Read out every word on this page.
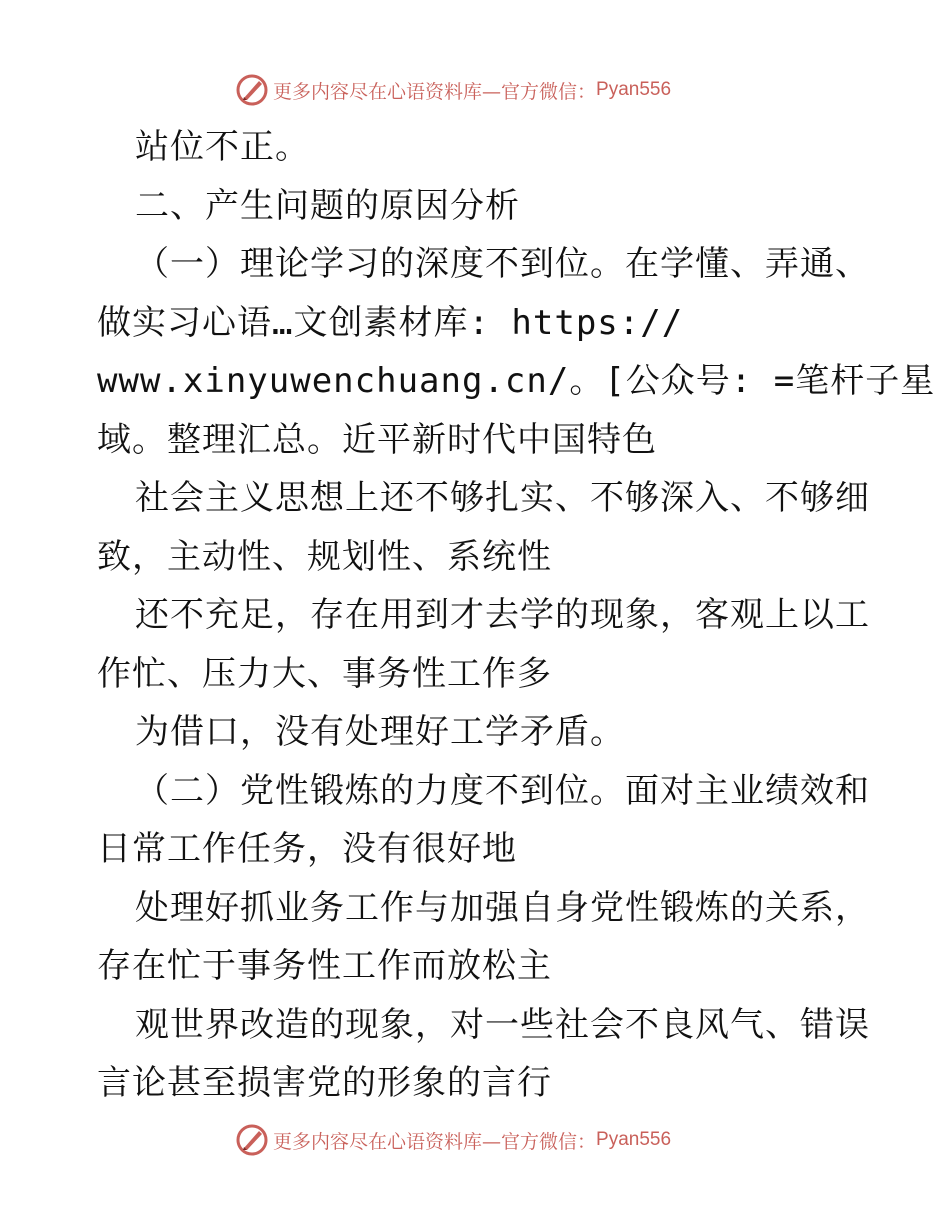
更多内容尽在心语资料库—官方微信： Pyan556
站位不正。
二、产生问题的原因分析
（一）理论学习的深度不到位。在学懂、弄通、
做实习心语…文创素材库: https://
www.xinyuwenchuang.cn/。[公众号: =笔杆子星
域。整理汇总。近平新时代中国特色
社会主义思想上还不够扎实、不够深入、不够细
致，主动性、规划性、系统性
还不充足，存在用到才去学的现象，客观上以工
作忙、压力大、事务性工作多
为借口，没有处理好工学矛盾。
（二）党性锻炼的力度不到位。面对主业绩效和
日常工作任务，没有很好地
处理好抓业务工作与加强自身党性锻炼的关系，
存在忙于事务性工作而放松主
观世界改造的现象，对一些社会不良风气、错误
言论甚至损害党的形象的言行
更多内容尽在心语资料库—官方微信： Pyan556
